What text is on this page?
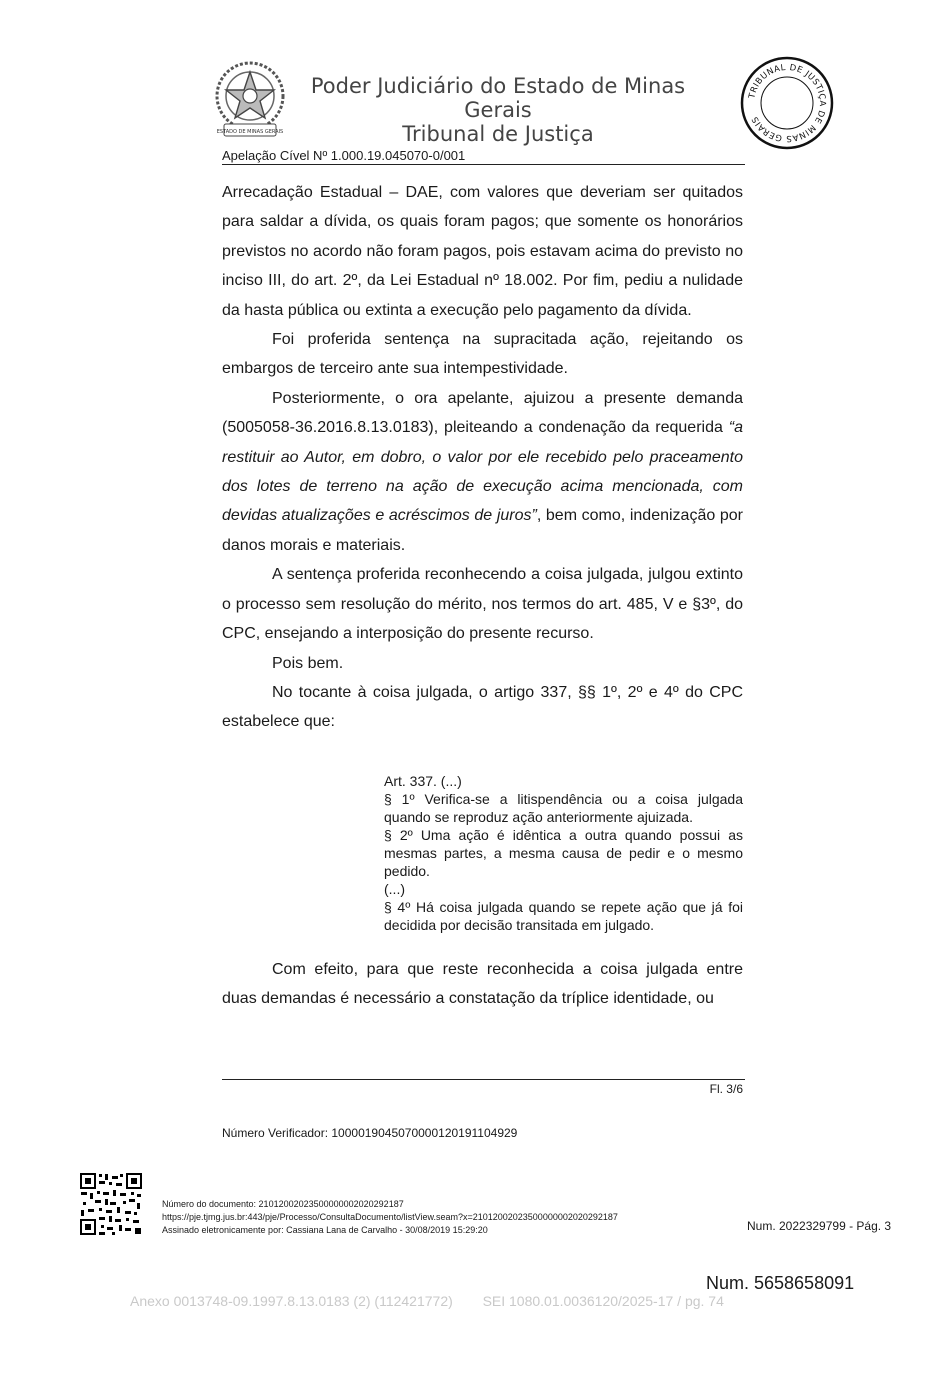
ESTADO DE MINAS GERAIS
Poder Judiciário do Estado de Minas Gerais
Tribunal de Justiça
TRIBUNAL DE JUSTIÇA DE MINAS GERAIS
Apelação Cível Nº 1.000.19.045070-0/001

Arrecadação Estadual – DAE, com valores que deveriam ser quitados para saldar a dívida, os quais foram pagos; que somente os honorários previstos no acordo não foram pagos, pois estavam acima do previsto no inciso III, do art. 2º, da Lei Estadual nº 18.002. Por fim, pediu a nulidade da hasta pública ou extinta a execução pelo pagamento da dívida.

Foi proferida sentença na supracitada ação, rejeitando os embargos de terceiro ante sua intempestividade.

Posteriormente, o ora apelante, ajuizou a presente demanda (5005058-36.2016.8.13.0183), pleiteando a condenação da requerida “a restituir ao Autor, em dobro, o valor por ele recebido pelo praceamento dos lotes de terreno na ação de execução acima mencionada, com devidas atualizações e acréscimos de juros”, bem como, indenização por danos morais e materiais.

A sentença proferida reconhecendo a coisa julgada, julgou extinto o processo sem resolução do mérito, nos termos do art. 485, V e §3º, do CPC, ensejando a interposição do presente recurso.

Pois bem.

No tocante à coisa julgada, o artigo 337, §§ 1º, 2º e 4º do CPC estabelece que:

Art. 337. (...)

§ 1º Verifica-se a litispendência ou a coisa julgada quando se reproduz ação anteriormente ajuizada.

§ 2º Uma ação é idêntica a outra quando possui as mesmas partes, a mesma causa de pedir e o mesmo pedido.

(...)

§ 4º Há coisa julgada quando se repete ação que já foi decidida por decisão transitada em julgado.

Com efeito, para que reste reconhecida a coisa julgada entre duas demandas é necessário a constatação da tríplice identidade, ou

Fl. 3/6
Número Verificador: 1000019045070000120191104929
Número do documento: 21012002023500000002020292187
https://pje.tjmg.jus.br:443/pje/Processo/ConsultaDocumento/listView.seam?x=21012002023500000002020292187
Assinado eletronicamente por: Cassiana Lana de Carvalho - 30/08/2019 15:29:20	Num. 2022329799 - Pág. 3
Num. 5658658091
Anexo 0013748-09.1997.8.13.0183 (2) (112421772) SEI 1080.01.0036120/2025-17 / pg. 74
